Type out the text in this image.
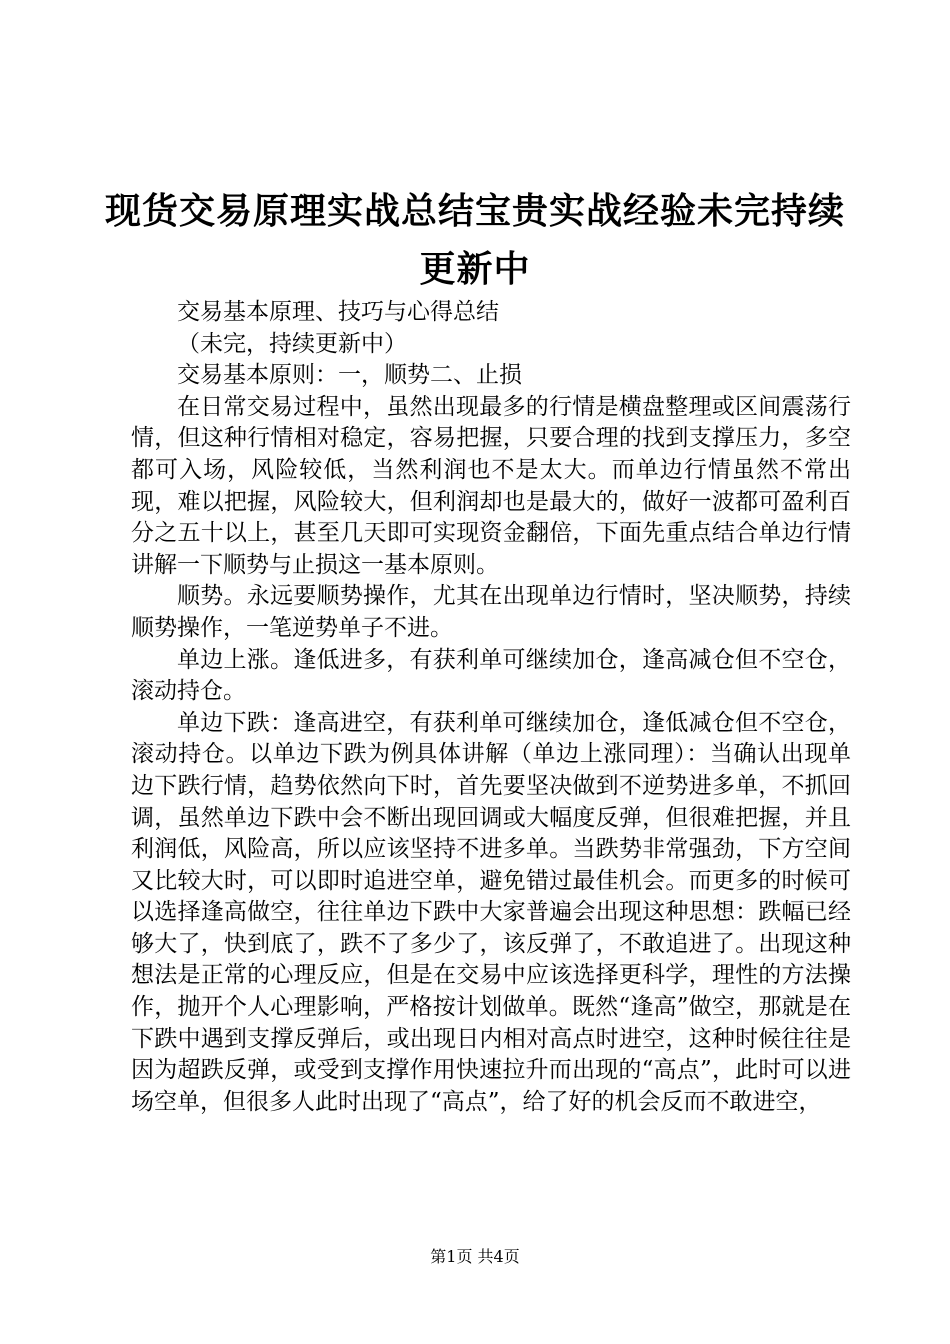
现货交易原理实战总结宝贵实战经验未完持续更新中

交易基本原理、技巧与心得总结

（未完，持续更新中）

交易基本原则：一，顺势二、止损

在日常交易过程中，虽然出现最多的行情是横盘整理或区间震荡行情，但这种行情相对稳定，容易把握，只要合理的找到支撑压力，多空都可入场，风险较低，当然利润也不是太大。而单边行情虽然不常出现，难以把握，风险较大，但利润却也是最大的，做好一波都可盈利百分之五十以上，甚至几天即可实现资金翻倍，下面先重点结合单边行情讲解一下顺势与止损这一基本原则。

顺势。永远要顺势操作，尤其在出现单边行情时，坚决顺势，持续顺势操作，一笔逆势单子不进。

单边上涨。逢低进多，有获利单可继续加仓，逢高减仓但不空仓，滚动持仓。

单边下跌：逢高进空，有获利单可继续加仓，逢低减仓但不空仓，滚动持仓。以单边下跌为例具体讲解（单边上涨同理）：当确认出现单边下跌行情，趋势依然向下时，首先要坚决做到不逆势进多单，不抓回调，虽然单边下跌中会不断出现回调或大幅度反弹，但很难把握，并且利润低，风险高，所以应该坚持不进多单。当跌势非常强劲，下方空间又比较大时，可以即时追进空单，避免错过最佳机会。而更多的时候可以选择逢高做空，往往单边下跌中大家普遍会出现这种思想：跌幅已经够大了，快到底了，跌不了多少了，该反弹了，不敢追进了。出现这种想法是正常的心理反应，但是在交易中应该选择更科学，理性的方法操作，抛开个人心理影响，严格按计划做单。既然“逢高”做空，那就是在下跌中遇到支撑反弹后，或出现日内相对高点时进空，这种时候往往是因为超跌反弹，或受到支撑作用快速拉升而出现的“高点”，此时可以进场空单，但很多人此时出现了“高点”，给了好的机会反而不敢进空，

第1页 共4页
